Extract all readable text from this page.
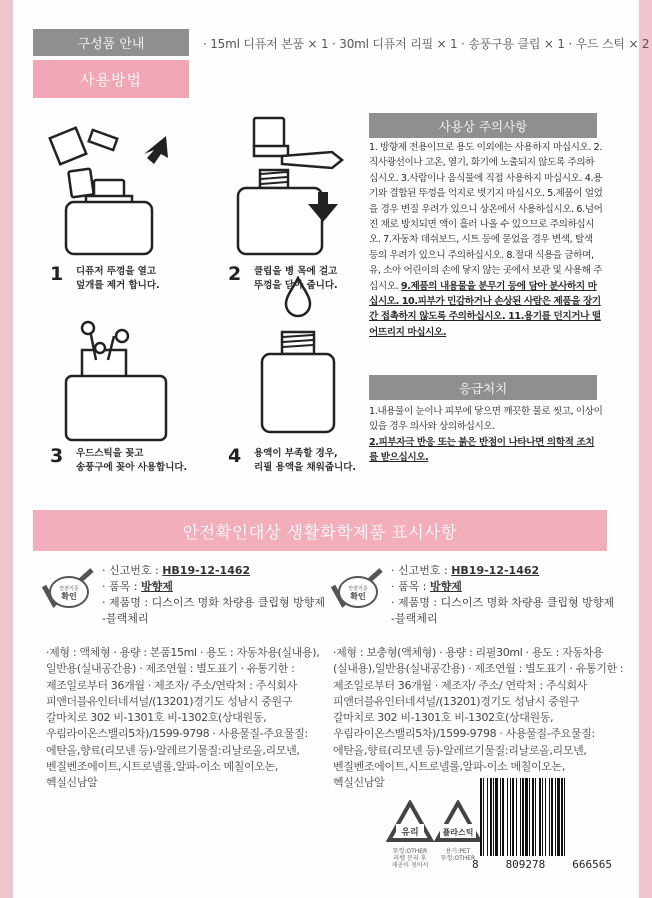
구성품 안내	· 15ml 디퓨저 본품 × 1 · 30ml 디퓨저 리필 × 1 · 송풍구용 클립 × 1 · 우드 스틱 × 2
사용방법
1	디퓨저 뚜껑을 열고
덮개를 제거 합니다.
2	클립을 병 목에 걸고
뚜껑을 닫아 줍니다.
3	우드스틱을 꽂고
송풍구에 꽂아 사용합니다.
4	용액이 부족할 경우,
리필 용액을 채워줍니다.
사용상 주의사항
1. 방향제 전용이므로 용도 이외에는 사용하지 마십시오. 2.직사광선이나 고온, 열기, 화기에 노출되지 않도록 주의하십시오. 3.사람이나 음식물에 직접 사용하지 마십시오. 4.용기와 결합된 뚜껑을 억지로 벗기지 마십시오. 5.제품이 얼었을 경우 변질 우려가 있으니 상온에서 사용하십시오. 6.넘어진 채로 방치되면 액이 흘러 나올 수 있으므로 주의하십시오. 7.자동차 데쉬보드, 시트 등에 묻었을 경우 변색, 탈색 등의 우려가 있으니 주의하십시오. 8.절대 식용을 금하며, 유, 소아 어린이의 손에 닿지 않는 곳에서 보관 및 사용해 주십시오. 9.제품의 내용물을 분무기 등에 담아 분사하지 마십시오. 10.피부가 민감하거나 손상된 사람은 제품을 장기간 접촉하지 않도록 주의하십시오. 11.용기를 던지거나 떨어뜨리지 마십시오.
응급처치
1.내용물이 눈이나 피부에 닿으면 깨끗한 물로 씻고, 이상이 있을 경우 의사와 상의하십시오.
2.피부자극 반응 또는 붉은 반점이 나타나면 의학적 조치를 받으십시오.
안전확인대상 생활화학제품 표시사항
안전기준
확인
· 신고번호 : HB19-12-1462
· 품목 : 방향제
· 제품명 : 디스이즈 명화 차량용 클립형 방향제
-블랙체리
·제형 : 액체형 · 용량 : 본품15ml · 용도 : 자동차용(실내용),
일반용(실내공간용) · 제조연월 : 별도표기 · 유통기한 :
제조일로부터 36개월 · 제조자/ 주소/연락처 : 주식회사
피앤더블유인터네셔널/(13201)경기도 성남시 중원구
갈마치로 302 비-1301호 비-1302호(상대원동,
우림라이온스밸리5차)/1599-9798 · 사용물질-주요물질:
에탄올,향료(리모넨 등)-알레르기물질:리날로올,리모넨,
벤질벤조에이트,시트로넬롤,알파-이소 메칠이오논,
헥실신남알
안전기준
확인
· 신고번호 : HB19-12-1462
· 품목 : 방향제
· 제품명 : 디스이즈 명화 차량용 클립형 방향제
-블랙체리
·제형 : 보충형(액체형) · 용량 : 리필30ml · 용도 : 자동차용
(실내용),일반용(실내공간용) · 제조연월 : 별도표기 · 유통기한 :
제조일로부터 36개월 · 제조자/ 주소/ 연락처 : 주식회사
피앤더블유인터네셔널/(13201)경기도 성남시 중원구
갈마치로 302 비-1301호 비-1302호(상대원동,
우림라이온스밸리5차)/1599-9798 · 사용물질-주요물질:
에탄올,향료(리모넨 등)-알레르기물질:리날로올,리모넨,
벤질벤조에이트,시트로넬롤,알파-이소 메칠이오논,
헥실신남알
유리
뚜껑:OTHER
라벨 분리 후
재공이 첫어서
플라스틱
용기:PET
뚜껑:OTHER
8 809278 666565
